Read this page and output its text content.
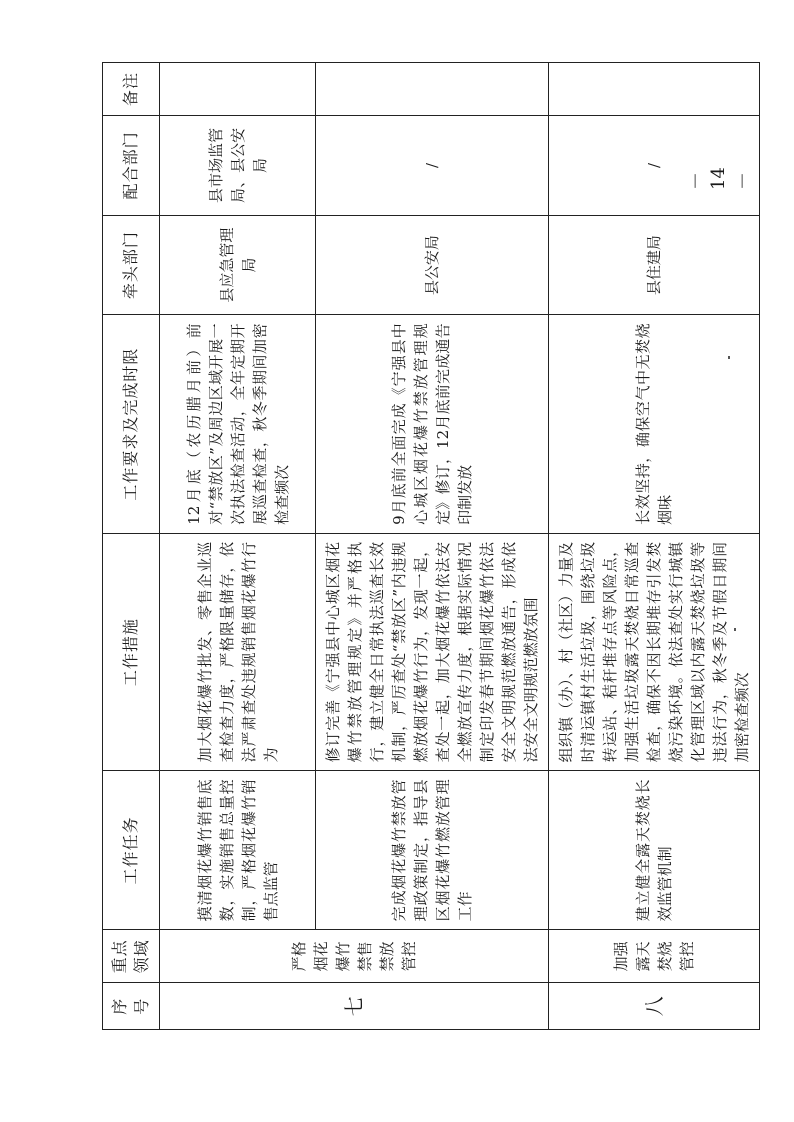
序号	重点领域	工作任务	工作措施	工作要求及完成时限	牵头部门	配合部门	备注
七	严格烟花爆竹禁售禁放管控	摸清烟花爆竹销售底数，实施销售总量控制，严格烟花爆竹销售点监管	加大烟花爆竹批发、零售企业巡查检查力度，严格限量储存，依法严肃查处违规销售烟花爆竹行为	12月底（农历腊月前）前对“禁放区”及周边区域开展一次执法检查活动，全年定期开展巡查检查，秋冬季期间加密检查频次	县应急管理局	县市场监管局、县公安局	
		完成烟花爆竹禁放管理政策制定，指导县区烟花爆竹燃放管理工作	修订完善《宁强县中心城区烟花爆竹禁放管理规定》并严格执行，建立健全日常执法巡查长效机制，严厉查处“禁放区”内违规燃放烟花爆竹行为，发现一起，查处一起，加大烟花爆竹依法安全燃放宣传力度，根据实际情况制定印发春节期间烟花爆竹依法安全文明规范燃放通告，形成依法安全文明规范燃放氛围	9月底前全面完成《宁强县中心城区烟花爆竹禁放管理规定》修订，12月底前完成通告印制发放	县公安局	/	
八	加强露天焚烧管控	建立健全露天焚烧长效监管机制	组织镇（办）、村（社区）力量及时清运镇村生活垃圾，围绕垃圾转运站、秸秆堆存点等风险点，加强生活垃圾露天焚烧日常巡查检查，确保不因长期堆存引发焚烧污染环境。依法查处实行城镇化管理区域以内露天焚烧垃圾等违法行为，秋冬季及节假日期间加密检查频次	长效坚持，确保空气中无焚烧烟味	县住建局	/	
－ 14 －
